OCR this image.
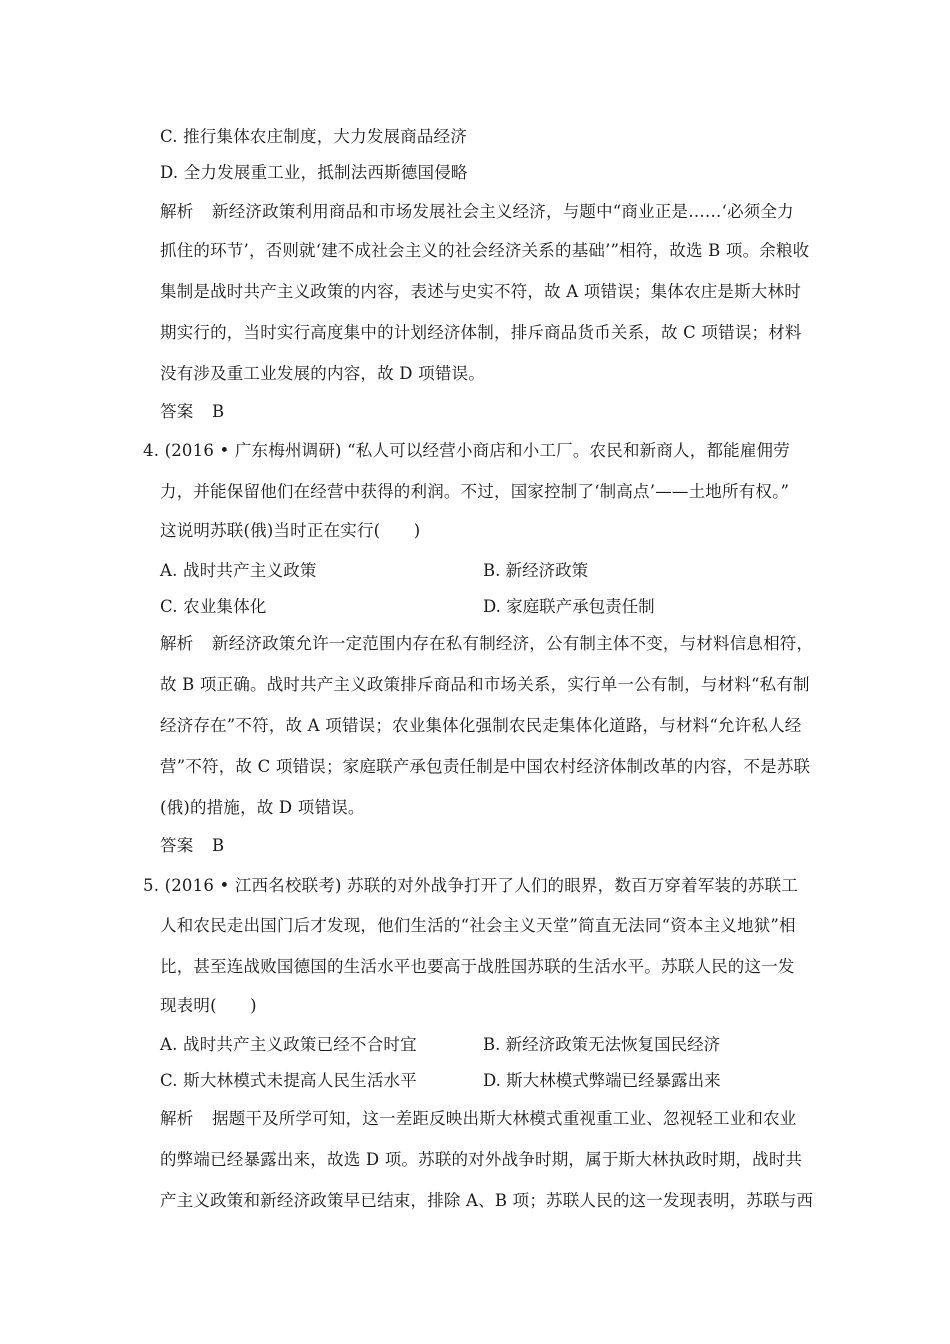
C. 推行集体农庄制度，大力发展商品经济
D. 全力发展重工业，抵制法西斯德国侵略
解析 新经济政策利用商品和市场发展社会主义经济，与题中“商业正是……‘必须全力
抓住的环节’，否则就‘建不成社会主义的社会经济关系的基础’”相符，故选 B 项。余粮收
集制是战时共产主义政策的内容，表述与史实不符，故 A 项错误；集体农庄是斯大林时
期实行的，当时实行高度集中的计划经济体制，排斥商品货币关系，故 C 项错误；材料
没有涉及重工业发展的内容，故 D 项错误。
答案 B
4. (2016 • 广东梅州调研) “私人可以经营小商店和小工厂。农民和新商人，都能雇佣劳
力，并能保留他们在经营中获得的利润。不过，国家控制了‘制高点’——土地所有权。”
这说明苏联(俄)当时正在实行(　　)
A. 战时共产主义政策	B. 新经济政策
C. 农业集体化	D. 家庭联产承包责任制
解析 新经济政策允许一定范围内存在私有制经济，公有制主体不变，与材料信息相符，
故 B 项正确。战时共产主义政策排斥商品和市场关系，实行单一公有制，与材料“私有制
经济存在”不符，故 A 项错误；农业集体化强制农民走集体化道路，与材料“允许私人经
营”不符，故 C 项错误；家庭联产承包责任制是中国农村经济体制改革的内容，不是苏联
(俄)的措施，故 D 项错误。
答案 B
5. (2016 • 江西名校联考) 苏联的对外战争打开了人们的眼界，数百万穿着军装的苏联工
人和农民走出国门后才发现，他们生活的“社会主义天堂”简直无法同“资本主义地狱”相
比，甚至连战败国德国的生活水平也要高于战胜国苏联的生活水平。苏联人民的这一发
现表明(　　)
A. 战时共产主义政策已经不合时宜	B. 新经济政策无法恢复国民经济
C. 斯大林模式未提高人民生活水平	D. 斯大林模式弊端已经暴露出来
解析 据题干及所学可知，这一差距反映出斯大林模式重视重工业、忽视轻工业和农业
的弊端已经暴露出来，故选 D 项。苏联的对外战争时期，属于斯大林执政时期，战时共
产主义政策和新经济政策早已结束，排除 A、B 项；苏联人民的这一发现表明，苏联与西
